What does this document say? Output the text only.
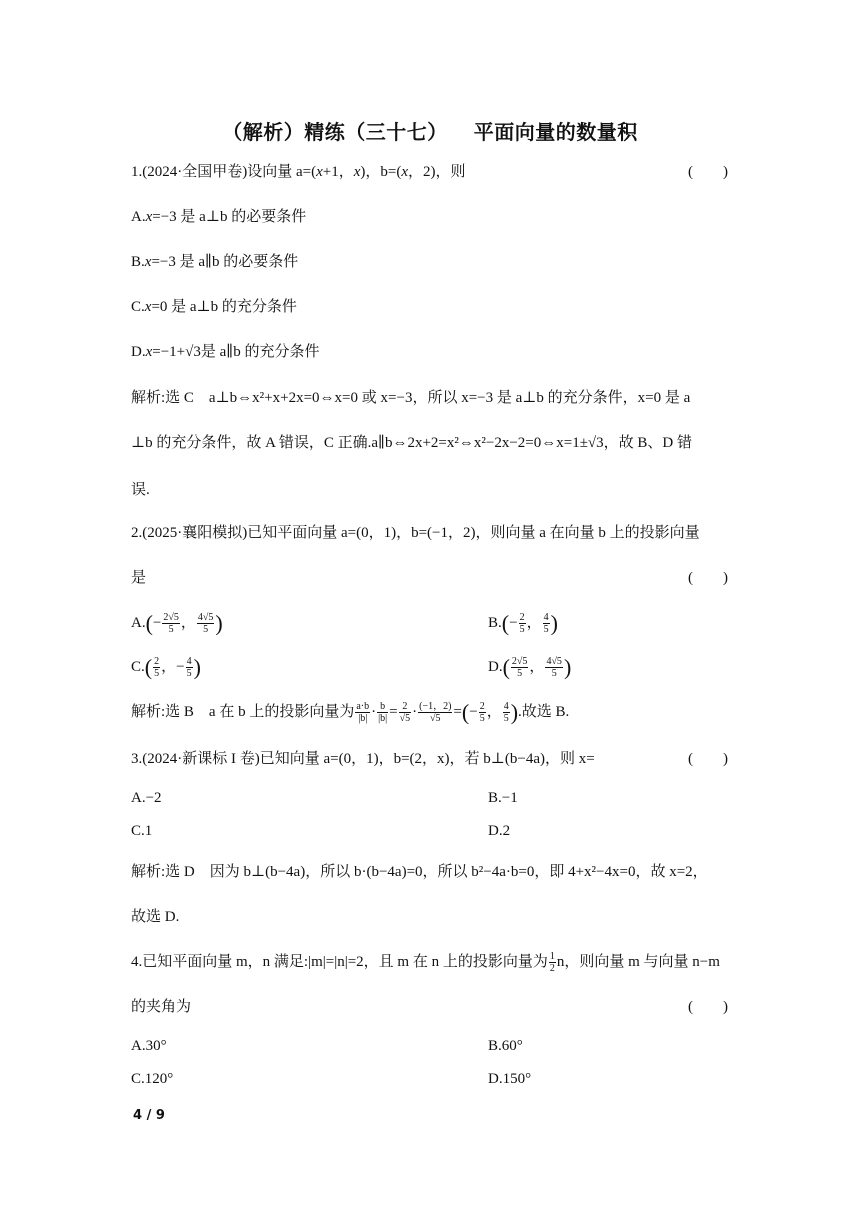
（解析）精练（三十七） 平面向量的数量积
1.(2024·全国甲卷)设向量 a=(x+1，x)，b=(x，2)，则	(　　)
A.x=−3 是 a⊥b 的必要条件
B.x=−3 是 a∥b 的必要条件
C.x=0 是 a⊥b 的充分条件
D.x=−1+√3是 a∥b 的充分条件
解析:选 C　a⊥b⇔x²+x+2x=0⇔x=0 或 x=−3，所以 x=−3 是 a⊥b 的充分条件，x=0 是 a
⊥b 的充分条件，故 A 错误，C 正确.a∥b⇔2x+2=x²⇔x²−2x−2=0⇔x=1±√3，故 B、D 错
误.
2.(2025·襄阳模拟)已知平面向量 a=(0，1)，b=(−1，2)，则向量 a 在向量 b 上的投影向量
是	(　　)
$A.(- \frac{2√5}{5}$ ， $\frac{4√5}{5}$ )	$B.(- \frac{2}{5}$ ， $\frac{4}{5}$ )
$C.( \frac{2}{5}$ ，− $\frac{4}{5}$ )	$D.( \frac{2√5}{5}$ ， $\frac{4√5}{5}$ )
解析:选 B　a 在 b 上的投影向量为 $\frac{a\cdot b}{|b|} \cdot \frac{b}{|b|} = \frac{2}{√5} \cdot \frac{(-1,2)}{√5}$ =(− $\frac{2}{5}$ ， $\frac{4}{5}$ ).故选 B.
3.(2024·新课标 I 卷)已知向量 a=(0，1)，b=(2，x)，若 b⊥(b−4a)，则 x=	(　　)
A.−2	B.−1
C.1	D.2
解析:选 D　因为 b⊥(b−4a)，所以 b·(b−4a)=0，所以 b²−4a·b=0，即 4+x²−4x=0，故 x=2，
故选 D.
4.已知平面向量 m，n 满足:|m|=|n|=2，且 m 在 n 上的投影向量为 $\frac{1}{2}$ n，则向量 m 与向量 n−m
的夹角为	(　　)
A.30°	B.60°
C.120°	D.150°
4 / 9
